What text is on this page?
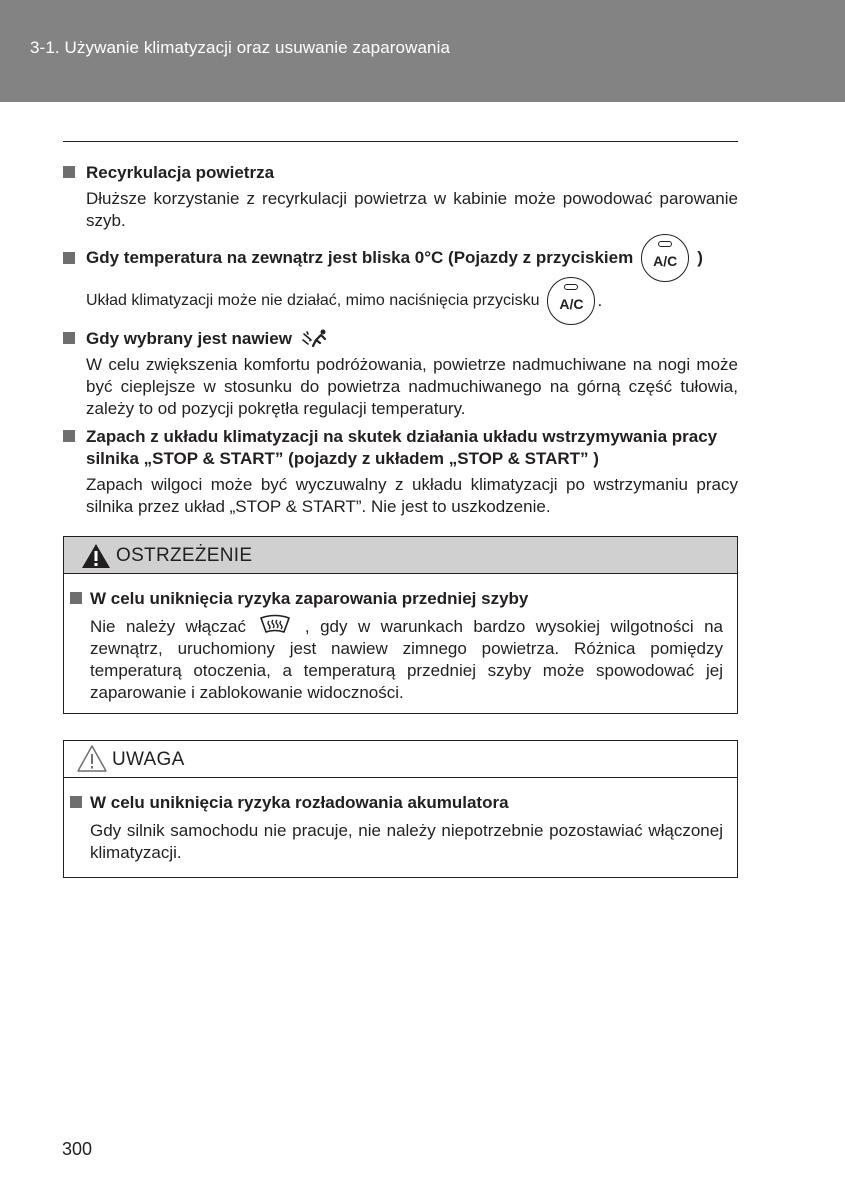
3-1. Używanie klimatyzacji oraz usuwanie zaparowania
Recyrkulacja powietrza
Dłuższe korzystanie z recyrkulacji powietrza w kabinie może powodować parowanie szyb.
Gdy temperatura na zewnątrz jest bliska 0°C (Pojazdy z przyciskiem	A/C	)
Układ klimatyzacji może nie działać, mimo naciśnięcia przycisku	A/C .
Gdy wybrany jest nawiew
W celu zwiększenia komfortu podróżowania, powietrze nadmuchiwane na nogi może być cieplejsze w stosunku do powietrza nadmuchiwanego na górną część tułowia, zależy to od pozycji pokrętła regulacji temperatury.
Zapach z układu klimatyzacji na skutek działania układu wstrzymywania pracy silnika „STOP & START” (pojazdy z układem „STOP & START” )
Zapach wilgoci może być wyczuwalny z układu klimatyzacji po wstrzymaniu pracy silnika przez układ „STOP & START”. Nie jest to uszkodzenie.
OSTRZEŻENIE
W celu uniknięcia ryzyka zaparowania przedniej szyby
Nie należy włączać	, gdy w warunkach bardzo wysokiej wilgotności na zewnątrz, uruchomiony jest nawiew zimnego powietrza. Różnica pomiędzy temperaturą otoczenia, a temperaturą przedniej szyby może spowodować jej zaparowanie i zablokowanie widoczności.
UWAGA
W celu uniknięcia ryzyka rozładowania akumulatora
Gdy silnik samochodu nie pracuje, nie należy niepotrzebnie pozostawiać włączonej klimatyzacji.
300
